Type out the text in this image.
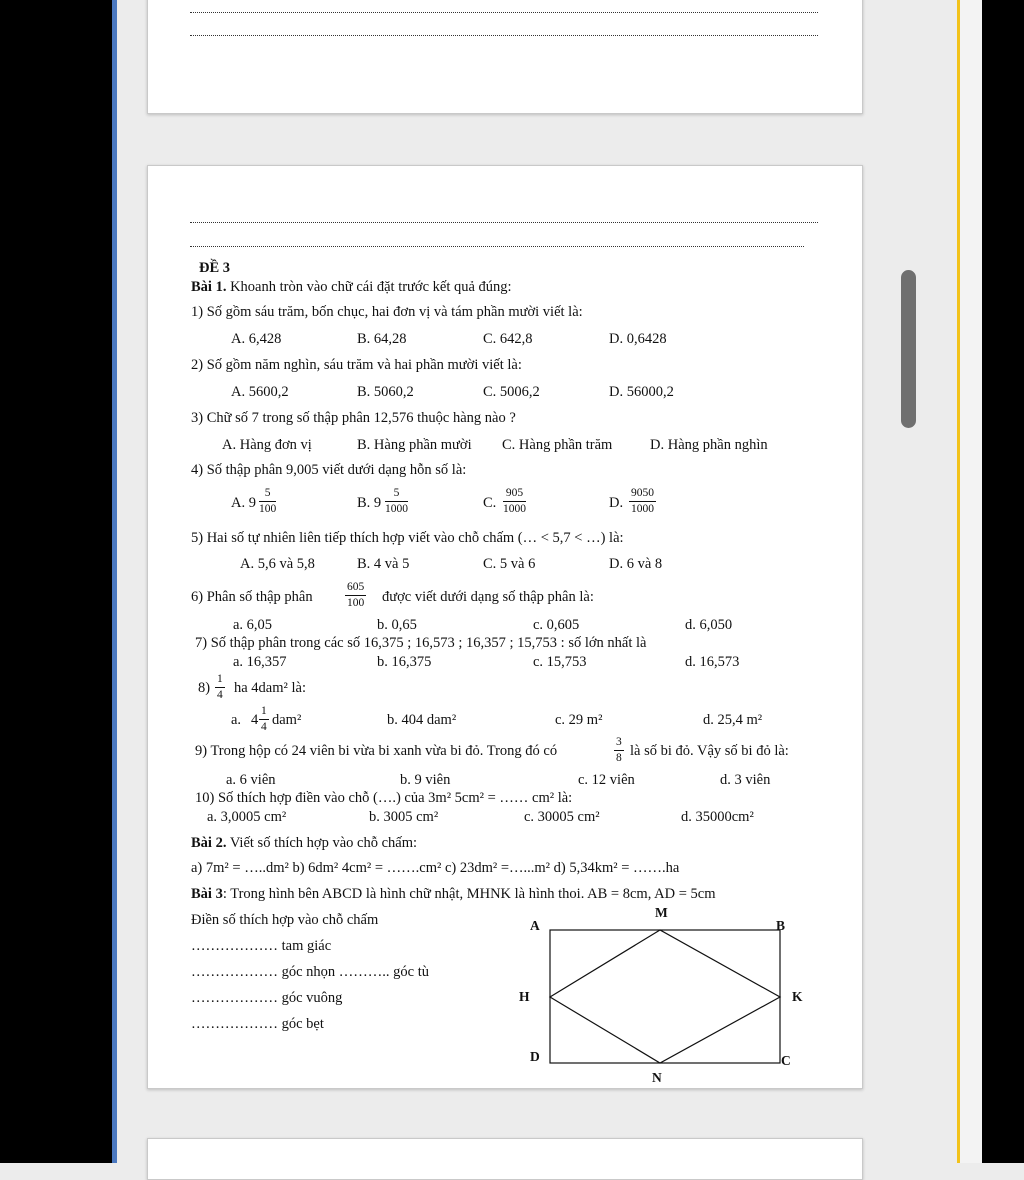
ĐỀ 3
Bài 1. Khoanh tròn vào chữ cái đặt trước kết quả đúng:
1) Số gồm sáu trăm, bốn chục, hai đơn vị và tám phần mười viết là:
A. 6,428	B. 64,28	C. 642,8	D. 0,6428
2) Số gồm năm nghìn, sáu trăm và hai phần mười viết là:
A. 5600,2	B. 5060,2	C. 5006,2	D. 56000,2
3) Chữ số 7 trong số thập phân 12,576 thuộc hàng nào ?
A. Hàng đơn vị	B. Hàng phần mười C. Hàng phần trăm	D. Hàng phần nghìn
4) Số thập phân 9,005 viết dưới dạng hỗn số là:
A. $9 \frac{5}{100}$	B. $9 \frac{5}{1000}$	C. $\frac{905}{1000}$	D. $\frac{9050}{1000}$
5) Hai số tự nhiên liên tiếp thích hợp viết vào chỗ chấm (… < 5,7 < …) là:
A. 5,6 và 5,8	B. 4 và 5	C. 5 và 6	D. 6 và 8
6) Phân số thập phân	$\frac{605}{100}$ được viết dưới dạng số thập phân là:
a. 6,05	b. 0,65	c. 0,605	d. 6,050
7) Số thập phân trong các số 16,375 ; 16,573 ; 16,357 ; 15,753 : số lớn nhất là
a. 16,357	b. 16,375	c. 15,753	d. 16,573
$8) \frac{1}{4}$ ha 4dam² là:
a. $4 \frac{1}{4} dam^2$	b. 404 dam²	c. 29 m²	d. 25,4 m²
9) Trong hộp có 24 viên bi vừa bi xanh vừa bi đỏ. Trong đó có	$\frac{3}{8}$ là số bi đỏ. Vậy số bi đỏ là:
a. 6 viên	b. 9 viên	c. 12 viên	d. 3 viên
10) Số thích hợp điền vào chỗ (….) của 3m² 5cm² = …… cm² là:
a. 3,0005 cm²	b. 3005 cm²	c. 30005 cm²	d. 35000cm²
Bài 2. Viết số thích hợp vào chỗ chấm:
a) 7m² = …..dm² b) 6dm² 4cm² = …….cm² c) 23dm² =…...m² d) 5,34km² = …….ha
Bài 3: Trong hình bên ABCD là hình chữ nhật, MHNK là hình thoi. AB = 8cm, AD = 5cm
Điền số thích hợp vào chỗ chấm
……………… tam giác
……………… góc nhọn ……….. góc tù
……………… góc vuông
……………… góc bẹt
A	B
C
D
M
H
N
K
